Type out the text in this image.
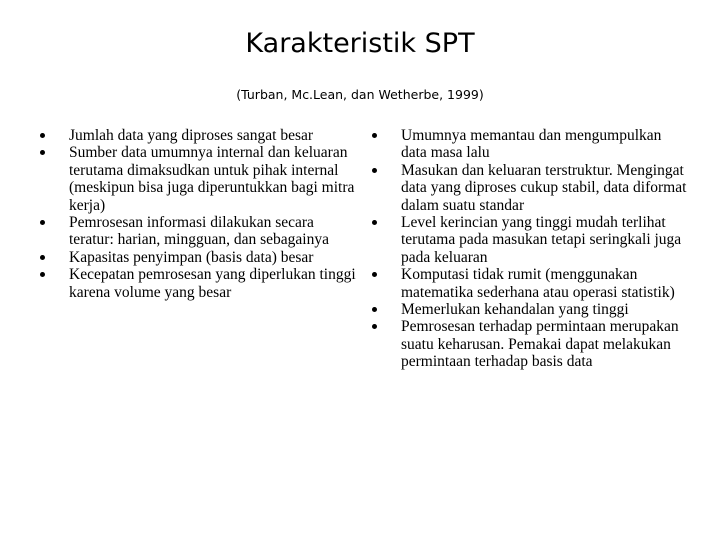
Karakteristik SPT
(Turban, Mc.Lean, dan Wetherbe, 1999)
Jumlah data yang diproses sangat besar
Sumber data umumnya internal dan keluaran terutama dimaksudkan untuk pihak internal (meskipun bisa juga diperuntukkan bagi mitra kerja)
Pemrosesan informasi dilakukan secara teratur: harian, mingguan, dan sebagainya
Kapasitas penyimpan (basis data) besar
Kecepatan pemrosesan yang diperlukan tinggi karena volume yang besar
Umumnya memantau dan mengumpulkan data masa lalu
Masukan dan keluaran terstruktur. Mengingat data yang diproses cukup stabil, data diformat dalam suatu standar
Level kerincian yang tinggi mudah terlihat terutama pada masukan tetapi seringkali juga pada keluaran
Komputasi tidak rumit (menggunakan matematika sederhana atau operasi statistik)
Memerlukan kehandalan yang tinggi
Pemrosesan terhadap permintaan merupakan suatu keharusan. Pemakai dapat melakukan permintaan terhadap basis data
